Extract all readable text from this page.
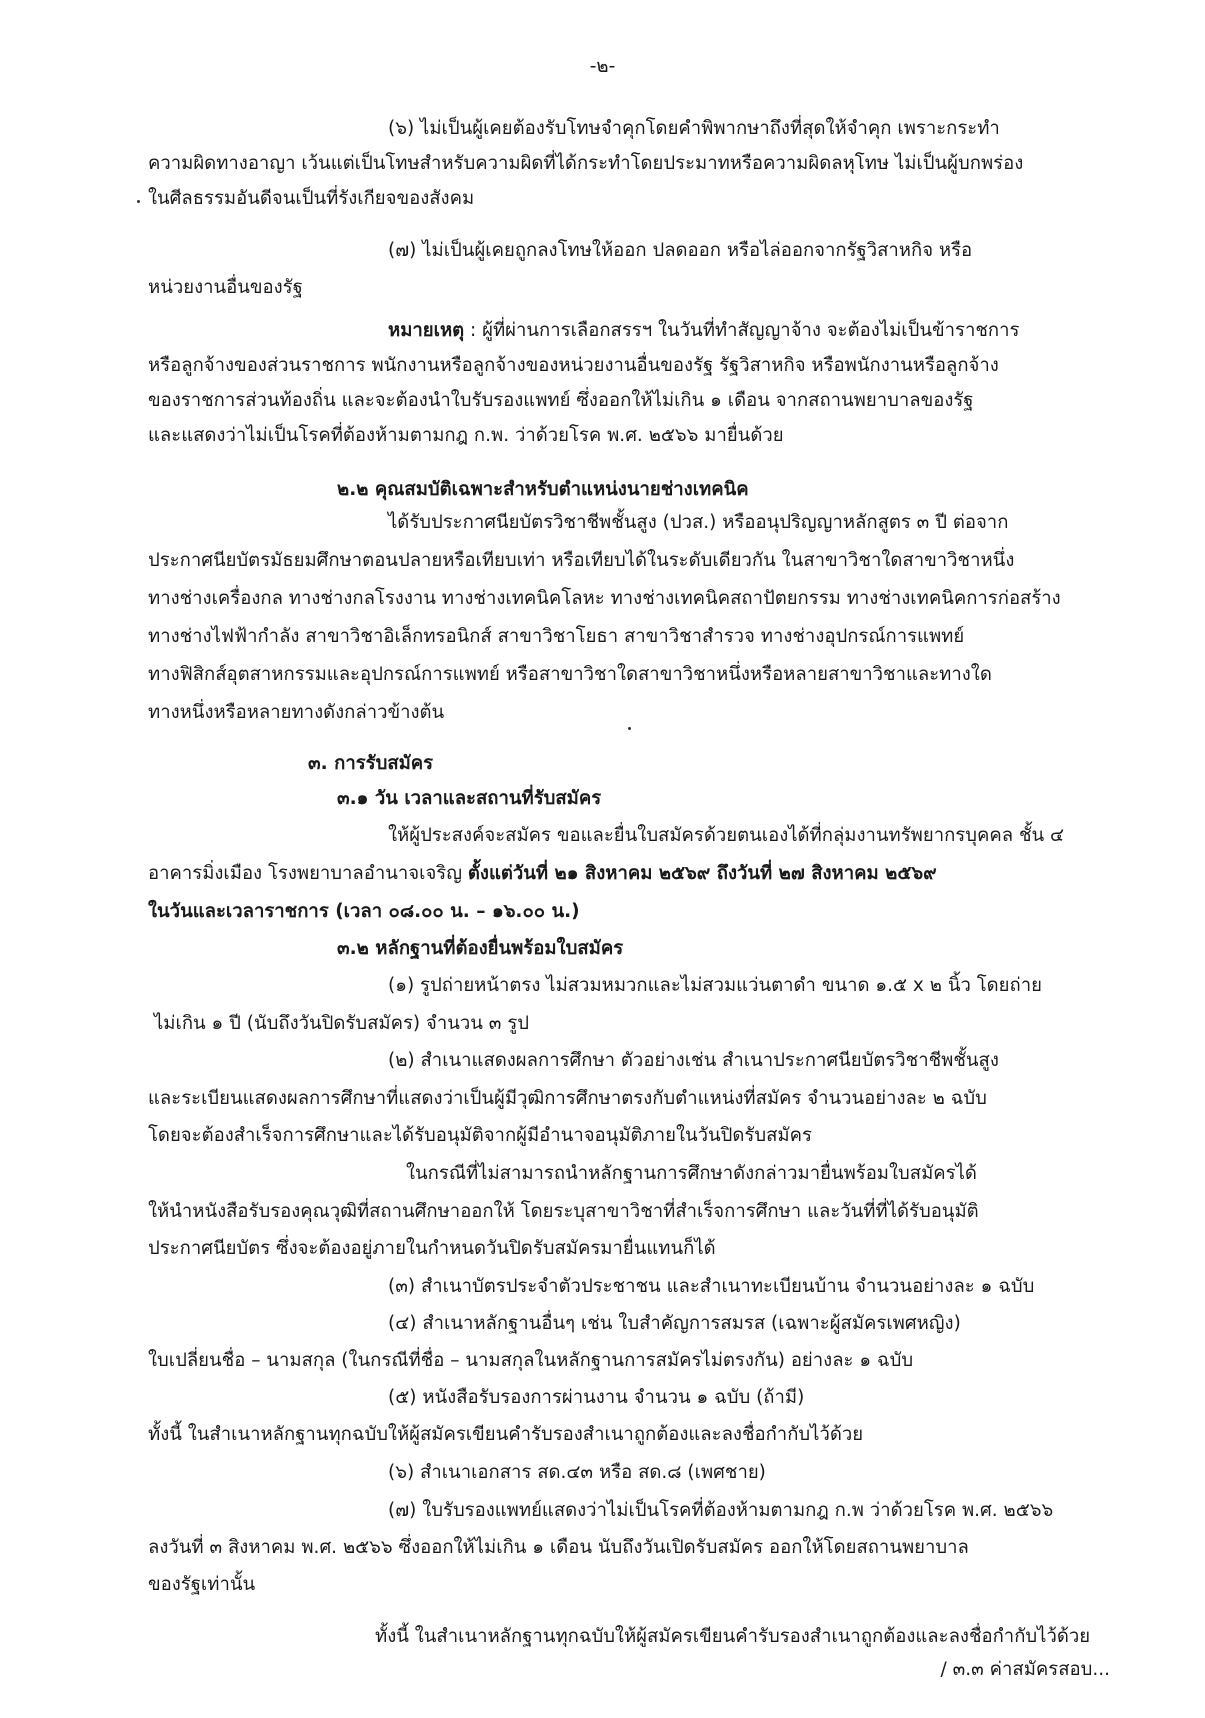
-๒-

(๖) ไม่เป็นผู้เคยต้องรับโทษจำคุกโดยคำพิพากษาถึงที่สุดให้จำคุก เพราะกระทำ

ความผิดทางอาญา เว้นแต่เป็นโทษสำหรับความผิดที่ได้กระทำโดยประมาทหรือความผิดลหุโทษ ไม่เป็นผู้บกพร่อง

ในศีลธรรมอันดีจนเป็นที่รังเกียจของสังคม

(๗) ไม่เป็นผู้เคยถูกลงโทษให้ออก ปลดออก หรือไล่ออกจากรัฐวิสาหกิจ หรือ

หน่วยงานอื่นของรัฐ

หมายเหตุ : ผู้ที่ผ่านการเลือกสรรฯ ในวันที่ทำสัญญาจ้าง จะต้องไม่เป็นข้าราชการ

หรือลูกจ้างของส่วนราชการ พนักงานหรือลูกจ้างของหน่วยงานอื่นของรัฐ รัฐวิสาหกิจ หรือพนักงานหรือลูกจ้าง

ของราชการส่วนท้องถิ่น และจะต้องนำใบรับรองแพทย์ ซึ่งออกให้ไม่เกิน ๑ เดือน จากสถานพยาบาลของรัฐ

และแสดงว่าไม่เป็นโรคที่ต้องห้ามตามกฎ ก.พ. ว่าด้วยโรค พ.ศ. ๒๕๖๖ มายื่นด้วย

๒.๒ คุณสมบัติเฉพาะสำหรับตำแหน่งนายช่างเทคนิค

ได้รับประกาศนียบัตรวิชาชีพชั้นสูง (ปวส.) หรืออนุปริญญาหลักสูตร ๓ ปี ต่อจาก

ประกาศนียบัตรมัธยมศึกษาตอนปลายหรือเทียบเท่า หรือเทียบได้ในระดับเดียวกัน ในสาขาวิชาใดสาขาวิชาหนึ่ง

ทางช่างเครื่องกล ทางช่างกลโรงงาน ทางช่างเทคนิคโลหะ ทางช่างเทคนิคสถาปัตยกรรม ทางช่างเทคนิคการก่อสร้าง

ทางช่างไฟฟ้ากำลัง สาขาวิชาอิเล็กทรอนิกส์ สาขาวิชาโยธา สาขาวิชาสำรวจ ทางช่างอุปกรณ์การแพทย์

ทางฟิสิกส์อุตสาหกรรมและอุปกรณ์การแพทย์ หรือสาขาวิชาใดสาขาวิชาหนึ่งหรือหลายสาขาวิชาและทางใด

ทางหนึ่งหรือหลายทางดังกล่าวข้างต้น

๓. การรับสมัคร

๓.๑ วัน เวลาและสถานที่รับสมัคร

ให้ผู้ประสงค์จะสมัคร ขอและยื่นใบสมัครด้วยตนเองได้ที่กลุ่มงานทรัพยากรบุคคล ชั้น ๔

อาคารมิ่งเมือง โรงพยาบาลอำนาจเจริญ ตั้งแต่วันที่ ๒๑ สิงหาคม ๒๕๖๙ ถึงวันที่ ๒๗ สิงหาคม ๒๕๖๙

ในวันและเวลาราชการ (เวลา ๐๘.๐๐ น. – ๑๖.๐๐ น.)

๓.๒ หลักฐานที่ต้องยื่นพร้อมใบสมัคร

(๑) รูปถ่ายหน้าตรง ไม่สวมหมวกและไม่สวมแว่นตาดำ ขนาด ๑.๕ x ๒ นิ้ว โดยถ่าย

ไม่เกิน ๑ ปี (นับถึงวันปิดรับสมัคร) จำนวน ๓ รูป

(๒) สำเนาแสดงผลการศึกษา ตัวอย่างเช่น สำเนาประกาศนียบัตรวิชาชีพชั้นสูง

และระเบียนแสดงผลการศึกษาที่แสดงว่าเป็นผู้มีวุฒิการศึกษาตรงกับตำแหน่งที่สมัคร จำนวนอย่างละ ๒ ฉบับ

โดยจะต้องสำเร็จการศึกษาและได้รับอนุมัติจากผู้มีอำนาจอนุมัติภายในวันปิดรับสมัคร

ในกรณีที่ไม่สามารถนำหลักฐานการศึกษาดังกล่าวมายื่นพร้อมใบสมัครได้

ให้นำหนังสือรับรองคุณวุฒิที่สถานศึกษาออกให้ โดยระบุสาขาวิชาที่สำเร็จการศึกษา และวันที่ที่ได้รับอนุมัติ

ประกาศนียบัตร ซึ่งจะต้องอยู่ภายในกำหนดวันปิดรับสมัครมายื่นแทนก็ได้

(๓) สำเนาบัตรประจำตัวประชาชน และสำเนาทะเบียนบ้าน จำนวนอย่างละ ๑ ฉบับ

(๔) สำเนาหลักฐานอื่นๆ เช่น ใบสำคัญการสมรส (เฉพาะผู้สมัครเพศหญิง)

ใบเปลี่ยนชื่อ – นามสกุล (ในกรณีที่ชื่อ – นามสกุลในหลักฐานการสมัครไม่ตรงกัน) อย่างละ ๑ ฉบับ

(๕) หนังสือรับรองการผ่านงาน จำนวน ๑ ฉบับ (ถ้ามี)

ทั้งนี้ ในสำเนาหลักฐานทุกฉบับให้ผู้สมัครเขียนคำรับรองสำเนาถูกต้องและลงชื่อกำกับไว้ด้วย

(๖) สำเนาเอกสาร สด.๔๓ หรือ สด.๘ (เพศชาย)

(๗) ใบรับรองแพทย์แสดงว่าไม่เป็นโรคที่ต้องห้ามตามกฎ ก.พ ว่าด้วยโรค พ.ศ. ๒๕๖๖

ลงวันที่ ๓ สิงหาคม พ.ศ. ๒๕๖๖ ซึ่งออกให้ไม่เกิน ๑ เดือน นับถึงวันเปิดรับสมัคร ออกให้โดยสถานพยาบาล

ของรัฐเท่านั้น

ทั้งนี้ ในสำเนาหลักฐานทุกฉบับให้ผู้สมัครเขียนคำรับรองสำเนาถูกต้องและลงชื่อกำกับไว้ด้วย

/ ๓.๓ ค่าสมัครสอบ...
